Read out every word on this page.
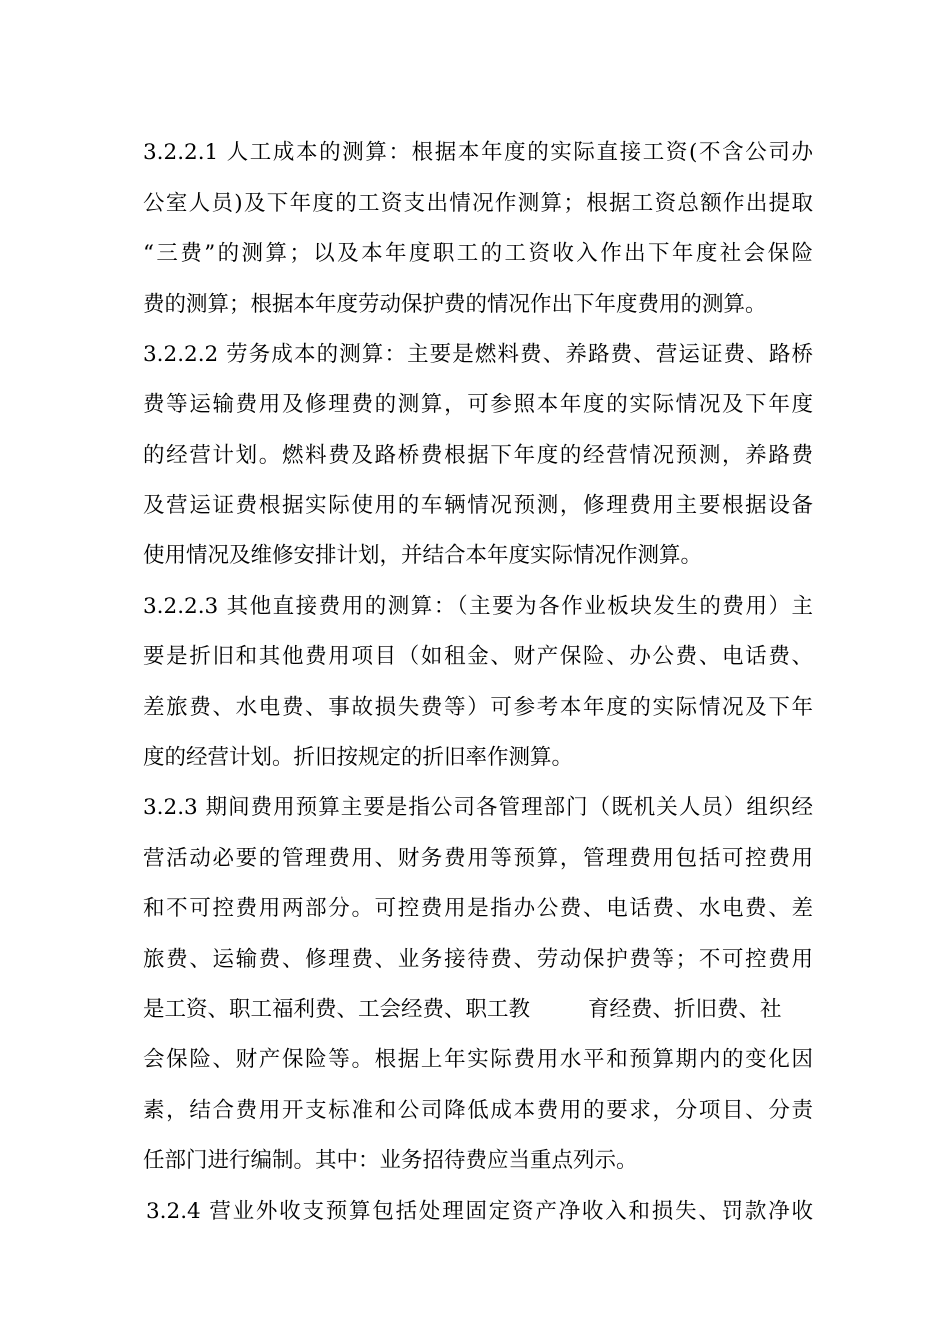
3.2.2.1 人工成本的测算：根据本年度的实际直接工资(不含公司办
公室人员)及下年度的工资支出情况作测算；根据工资总额作出提取
“三费”的测算；以及本年度职工的工资收入作出下年度社会保险
费的测算；根据本年度劳动保护费的情况作出下年度费用的测算。
3.2.2.2 劳务成本的测算：主要是燃料费、养路费、营运证费、路桥
费等运输费用及修理费的测算，可参照本年度的实际情况及下年度
的经营计划。燃料费及路桥费根据下年度的经营情况预测，养路费
及营运证费根据实际使用的车辆情况预测，修理费用主要根据设备
使用情况及维修安排计划，并结合本年度实际情况作测算。
3.2.2.3 其他直接费用的测算：（主要为各作业板块发生的费用）主
要是折旧和其他费用项目（如租金、财产保险、办公费、电话费、
差旅费、水电费、事故损失费等）可参考本年度的实际情况及下年
度的经营计划。折旧按规定的折旧率作测算。
3.2.3 期间费用预算主要是指公司各管理部门（既机关人员）组织经
营活动必要的管理费用、财务费用等预算，管理费用包括可控费用
和不可控费用两部分。可控费用是指办公费、电话费、水电费、差
旅费、运输费、修理费、业务接待费、劳动保护费等；不可控费用
是工资、职工福利费、工会经费、职工教	育经费、折旧费、社
会保险、财产保险等。根据上年实际费用水平和预算期内的变化因
素，结合费用开支标准和公司降低成本费用的要求，分项目、分责
任部门进行编制。其中：业务招待费应当重点列示。
3.2.4 营业外收支预算包括处理固定资产净收入和损失、罚款净收
